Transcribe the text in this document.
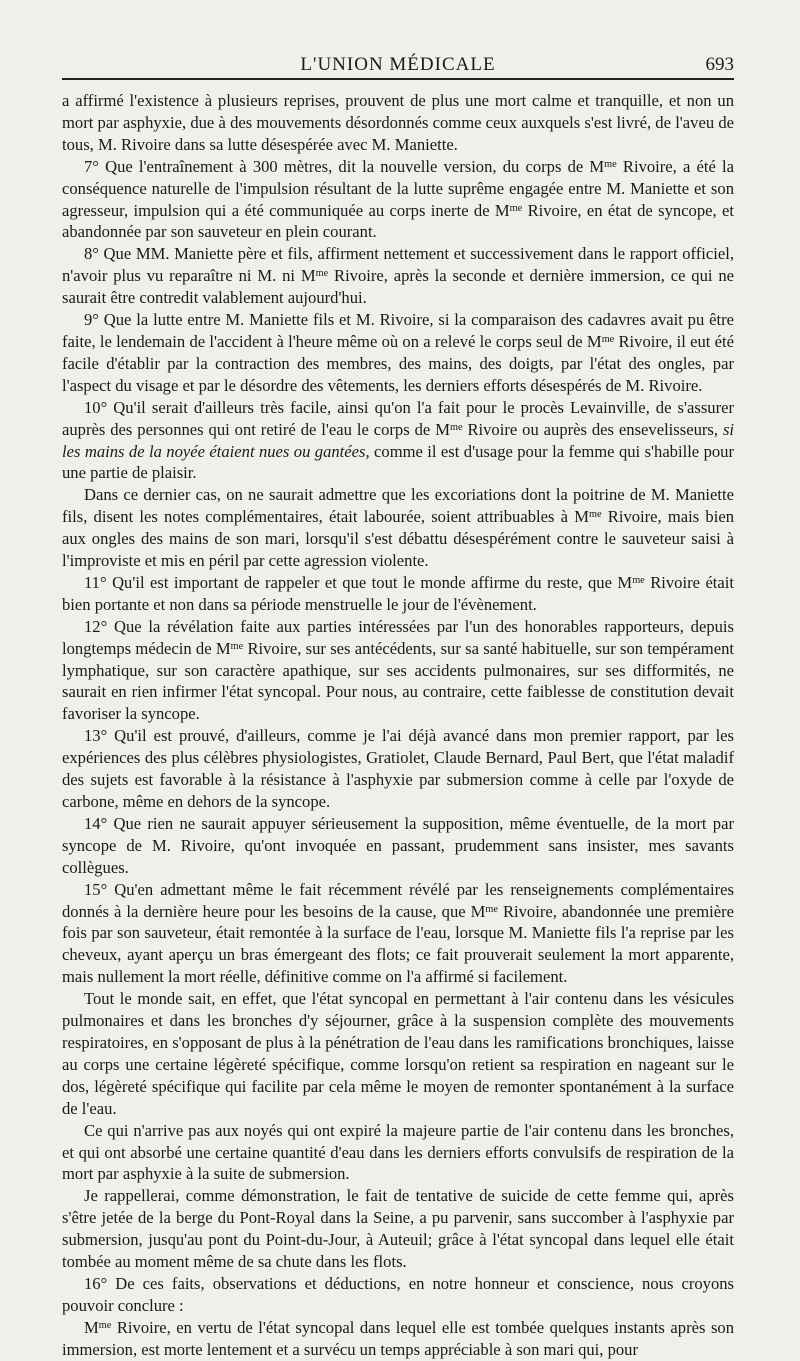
L'UNION MÉDICALE	693

a affirmé l'existence à plusieurs reprises, prouvent de plus une mort calme et tranquille, et non un mort par asphyxie, due à des mouvements désordonnés comme ceux auxquels s'est livré, de l'aveu de tous, M. Rivoire dans sa lutte désespérée avec M. Maniette.

7° Que l'entraînement à 300 mètres, dit la nouvelle version, du corps de $M^{me}$ Rivoire, a été la conséquence naturelle de l'impulsion résultant de la lutte suprême engagée entre M. Maniette et son agresseur, impulsion qui a été communiquée au corps inerte de $M^{me}$ Rivoire, en état de syncope, et abandonnée par son sauveteur en plein courant.

8° Que MM. Maniette père et fils, affirment nettement et successivement dans le rapport officiel, n'avoir plus vu reparaître ni M. ni $M^{me}$ Rivoire, après la seconde et dernière immersion, ce qui ne saurait être contredit valablement aujourd'hui.

9° Que la lutte entre M. Maniette fils et M. Rivoire, si la comparaison des cadavres avait pu être faite, le lendemain de l'accident à l'heure même où on a relevé le corps seul de $M^{me}$ Rivoire, il eut été facile d'établir par la contraction des membres, des mains, des doigts, par l'état des ongles, par l'aspect du visage et par le désordre des vêtements, les derniers efforts désespérés de M. Rivoire.

10° Qu'il serait d'ailleurs très facile, ainsi qu'on l'a fait pour le procès Levainville, de s'assurer auprès des personnes qui ont retiré de l'eau le corps de $M^{me}$ Rivoire ou auprès des ensevelisseurs, si les mains de la noyée étaient nues ou gantées, comme il est d'usage pour la femme qui s'habille pour une partie de plaisir.

Dans ce dernier cas, on ne saurait admettre que les excoriations dont la poitrine de M. Maniette fils, disent les notes complémentaires, était labourée, soient attribuables à $M^{me}$ Rivoire, mais bien aux ongles des mains de son mari, lorsqu'il s'est débattu désespérément contre le sauveteur saisi à l'improviste et mis en péril par cette agression violente.

11° Qu'il est important de rappeler et que tout le monde affirme du reste, que $M^{me}$ Rivoire était bien portante et non dans sa période menstruelle le jour de l'évènement.

12° Que la révélation faite aux parties intéressées par l'un des honorables rapporteurs, depuis longtemps médecin de $M^{me}$ Rivoire, sur ses antécédents, sur sa santé habituelle, sur son tempérament lymphatique, sur son caractère apathique, sur ses accidents pulmonaires, sur ses difformités, ne saurait en rien infirmer l'état syncopal. Pour nous, au contraire, cette faiblesse de constitution devait favoriser la syncope.

13° Qu'il est prouvé, d'ailleurs, comme je l'ai déjà avancé dans mon premier rapport, par les expériences des plus célèbres physiologistes, Gratiolet, Claude Bernard, Paul Bert, que l'état maladif des sujets est favorable à la résistance à l'asphyxie par submersion comme à celle par l'oxyde de carbone, même en dehors de la syncope.

14° Que rien ne saurait appuyer sérieusement la supposition, même éventuelle, de la mort par syncope de M. Rivoire, qu'ont invoquée en passant, prudemment sans insister, mes savants collègues.

15° Qu'en admettant même le fait récemment révélé par les renseignements complémentaires donnés à la dernière heure pour les besoins de la cause, que $M^{me}$ Rivoire, abandonnée une première fois par son sauveteur, était remontée à la surface de l'eau, lorsque M. Maniette fils l'a reprise par les cheveux, ayant aperçu un bras émergeant des flots; ce fait prouverait seulement la mort apparente, mais nullement la mort réelle, définitive comme on l'a affirmé si facilement.

Tout le monde sait, en effet, que l'état syncopal en permettant à l'air contenu dans les vésicules pulmonaires et dans les bronches d'y séjourner, grâce à la suspension complète des mouvements respiratoires, en s'opposant de plus à la pénétration de l'eau dans les ramifications bronchiques, laisse au corps une certaine légèreté spécifique, comme lorsqu'on retient sa respiration en nageant sur le dos, légèreté spécifique qui facilite par cela même le moyen de remonter spontanément à la surface de l'eau.

Ce qui n'arrive pas aux noyés qui ont expiré la majeure partie de l'air contenu dans les bronches, et qui ont absorbé une certaine quantité d'eau dans les derniers efforts convulsifs de respiration de la mort par asphyxie à la suite de submersion.

Je rappellerai, comme démonstration, le fait de tentative de suicide de cette femme qui, après s'être jetée de la berge du Pont-Royal dans la Seine, a pu parvenir, sans succomber à l'asphyxie par submersion, jusqu'au pont du Point-du-Jour, à Auteuil; grâce à l'état syncopal dans lequel elle était tombée au moment même de sa chute dans les flots.

16° De ces faits, observations et déductions, en notre honneur et conscience, nous croyons pouvoir conclure :

$M^{me}$ Rivoire, en vertu de l'état syncopal dans lequel elle est tombée quelques instants après son immersion, est morte lentement et a survécu un temps appréciable à son mari qui, pour
